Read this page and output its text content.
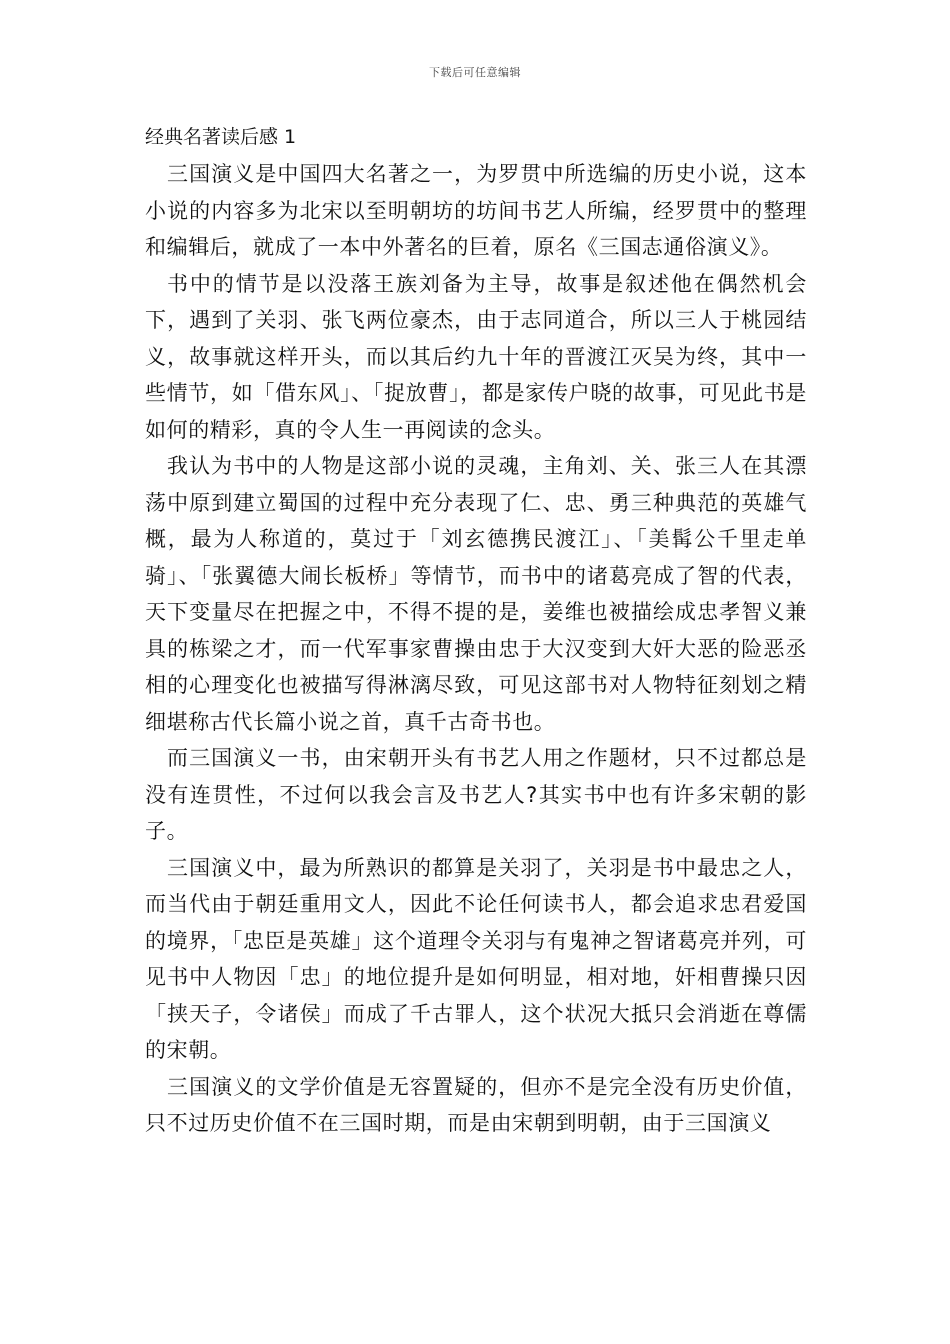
下载后可任意编辑
经典名著读后感 1

三国演义是中国四大名著之一，为罗贯中所选编的历史小说，这本小说的内容多为北宋以至明朝坊的坊间书艺人所编，经罗贯中的整理和编辑后，就成了一本中外著名的巨着，原名《三国志通俗演义》。

书中的情节是以没落王族刘备为主导，故事是叙述他在偶然机会下，遇到了关羽、张飞两位豪杰，由于志同道合，所以三人于桃园结义，故事就这样开头，而以其后约九十年的晋渡江灭吴为终，其中一些情节，如「借东风」、「捉放曹」，都是家传户晓的故事，可见此书是如何的精彩，真的令人生一再阅读的念头。

我认为书中的人物是这部小说的灵魂，主角刘、关、张三人在其漂荡中原到建立蜀国的过程中充分表现了仁、忠、勇三种典范的英雄气概，最为人称道的，莫过于「刘玄德携民渡江」、「美髯公千里走单骑」、「张翼德大闹长板桥」等情节，而书中的诸葛亮成了智的代表，天下变量尽在把握之中，不得不提的是，姜维也被描绘成忠孝智义兼具的栋梁之才，而一代军事家曹操由忠于大汉变到大奸大恶的险恶丞相的心理变化也被描写得淋漓尽致，可见这部书对人物特征刻划之精细堪称古代长篇小说之首，真千古奇书也。

而三国演义一书，由宋朝开头有书艺人用之作题材，只不过都总是没有连贯性，不过何以我会言及书艺人?其实书中也有许多宋朝的影子。

三国演义中，最为所熟识的都算是关羽了，关羽是书中最忠之人，而当代由于朝廷重用文人，因此不论任何读书人，都会追求忠君爱国的境界，「忠臣是英雄」这个道理令关羽与有鬼神之智诸葛亮并列，可见书中人物因「忠」的地位提升是如何明显，相对地，奸相曹操只因「挟天子，令诸侯」而成了千古罪人，这个状况大抵只会消逝在尊儒的宋朝。

三国演义的文学价值是无容置疑的，但亦不是完全没有历史价值，只不过历史价值不在三国时期，而是由宋朝到明朝，由于三国演义
